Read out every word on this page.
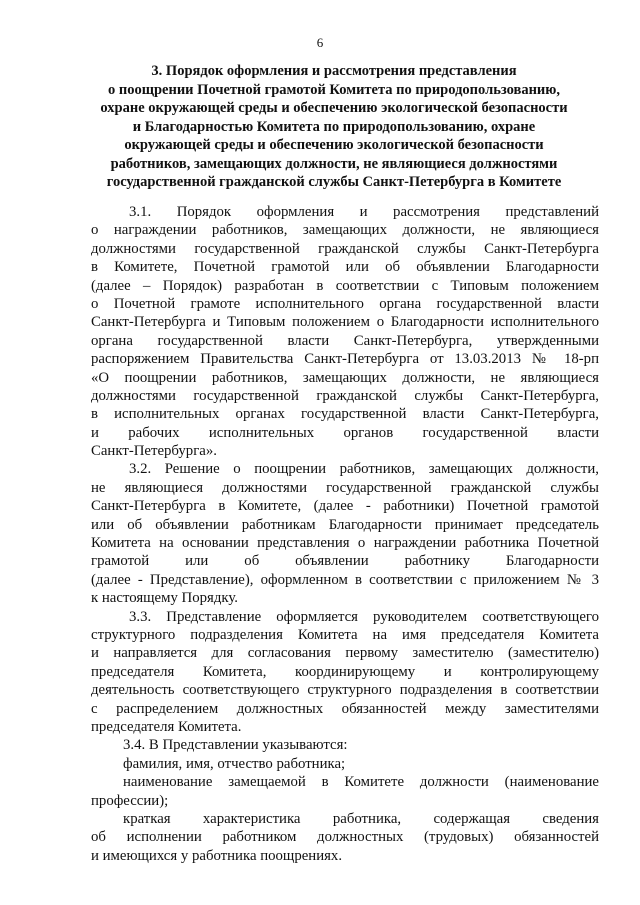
6
3. Порядок оформления и рассмотрения представления
о поощрении Почетной грамотой Комитета по природопользованию,
охране окружающей среды и обеспечению экологической безопасности
и Благодарностью Комитета по природопользованию, охране
окружающей среды и обеспечению экологической безопасности
работников, замещающих должности, не являющиеся должностями
государственной гражданской службы Санкт-Петербурга в Комитете
3.1. Порядок оформления и рассмотрения представлений
о награждении работников, замещающих должности, не являющиеся
должностями государственной гражданской службы Санкт-Петербурга
в Комитете, Почетной грамотой или об объявлении Благодарности
(далее – Порядок) разработан в соответствии с Типовым положением
о Почетной грамоте исполнительного органа государственной власти
Санкт-Петербурга и Типовым положением о Благодарности исполнительного
органа государственной власти Санкт-Петербурга, утвержденными
распоряжением Правительства Санкт-Петербурга от 13.03.2013 № 18-рп
«О поощрении работников, замещающих должности, не являющиеся
должностями государственной гражданской службы Санкт-Петербурга,
в исполнительных органах государственной власти Санкт-Петербурга,
и рабочих исполнительных органов государственной власти
Санкт-Петербурга».
3.2. Решение о поощрении работников, замещающих должности,
не являющиеся должностями государственной гражданской службы
Санкт-Петербурга в Комитете, (далее - работники) Почетной грамотой
или об объявлении работникам Благодарности принимает председатель
Комитета на основании представления о награждении работника Почетной
грамотой или об объявлении работнику Благодарности
(далее - Представление), оформленном в соответствии с приложением № 3
к настоящему Порядку.
3.3. Представление оформляется руководителем соответствующего
структурного подразделения Комитета на имя председателя Комитета
и направляется для согласования первому заместителю (заместителю)
председателя Комитета, координирующему и контролирующему
деятельность соответствующего структурного подразделения в соответствии
с распределением должностных обязанностей между заместителями
председателя Комитета.
3.4. В Представлении указываются:
фамилия, имя, отчество работника;
наименование замещаемой в Комитете должности (наименование
профессии);
краткая характеристика работника, содержащая сведения
об исполнении работником должностных (трудовых) обязанностей
и имеющихся у работника поощрениях.
